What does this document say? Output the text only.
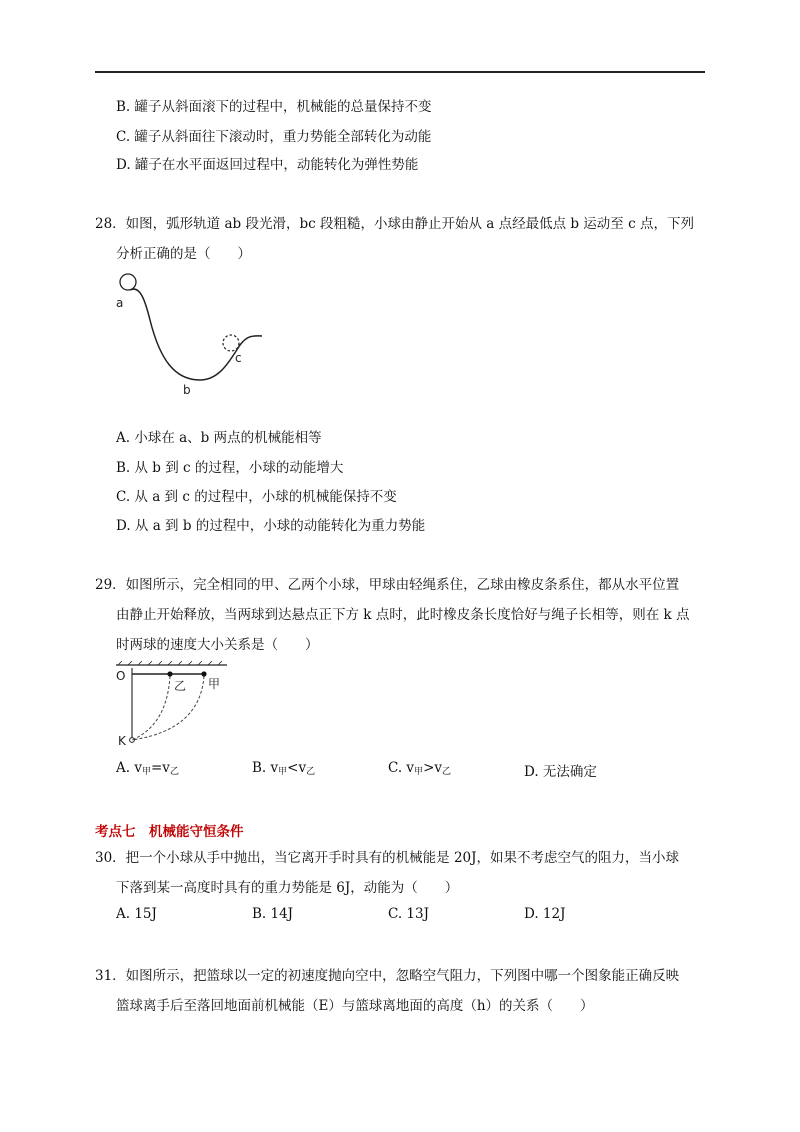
B. 罐子从斜面滚下的过程中，机械能的总量保持不变
C. 罐子从斜面往下滚动时，重力势能全部转化为动能
D. 罐子在水平面返回过程中，动能转化为弹性势能
28．如图，弧形轨道 ab 段光滑，bc 段粗糙，小球由静止开始从 a 点经最低点 b 运动至 c 点，下列
分析正确的是（　　）
a
b
c
A. 小球在 a、b 两点的机械能相等
B. 从 b 到 c 的过程，小球的动能增大
C. 从 a 到 c 的过程中，小球的机械能保持不变
D. 从 a 到 b 的过程中，小球的动能转化为重力势能
29．如图所示，完全相同的甲、乙两个小球，甲球由轻绳系住，乙球由橡皮条系住，都从水平位置
由静止开始释放，当两球到达悬点正下方 k 点时，此时橡皮条长度恰好与绳子长相等，则在 k 点
时两球的速度大小关系是（　　）
O
乙 甲
K
A. $v_甲=v_乙$	B. $v_甲<v_乙$	C. $v_甲>v_乙$	D. 无法确定
考点七　机械能守恒条件
30．把一个小球从手中抛出，当它离开手时具有的机械能是 20J，如果不考虑空气的阻力，当小球
下落到某一高度时具有的重力势能是 6J，动能为（　　）
A. 15J	B. 14J	C. 13J	D. 12J
31．如图所示，把篮球以一定的初速度抛向空中，忽略空气阻力，下列图中哪一个图象能正确反映
篮球离手后至落回地面前机械能（E）与篮球离地面的高度（h）的关系（　　）
